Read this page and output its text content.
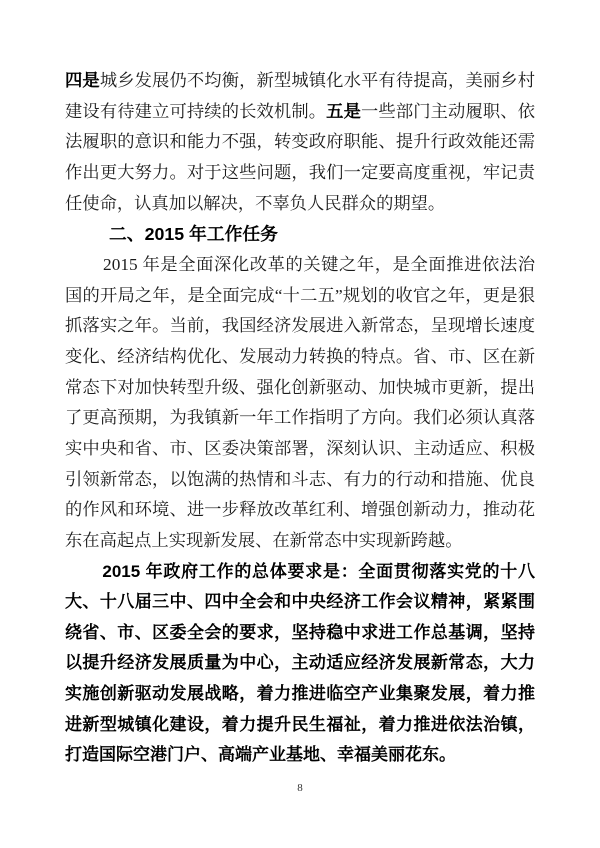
四是城乡发展仍不均衡，新型城镇化水平有待提高，美丽乡村建设有待建立可持续的长效机制。五是一些部门主动履职、依法履职的意识和能力不强，转变政府职能、提升行政效能还需作出更大努力。对于这些问题，我们一定要高度重视，牢记责任使命，认真加以解决，不辜负人民群众的期望。

二、2015 年工作任务

2015 年是全面深化改革的关键之年，是全面推进依法治国的开局之年，是全面完成“十二五”规划的收官之年，更是狠抓落实之年。当前，我国经济发展进入新常态，呈现增长速度变化、经济结构优化、发展动力转换的特点。省、市、区在新常态下对加快转型升级、强化创新驱动、加快城市更新，提出了更高预期，为我镇新一年工作指明了方向。我们必须认真落实中央和省、市、区委决策部署，深刻认识、主动适应、积极引领新常态，以饱满的热情和斗志、有力的行动和措施、优良的作风和环境、进一步释放改革红利、增强创新动力，推动花东在高起点上实现新发展、在新常态中实现新跨越。

2015 年政府工作的总体要求是：全面贯彻落实党的十八大、十八届三中、四中全会和中央经济工作会议精神，紧紧围绕省、市、区委全会的要求，坚持稳中求进工作总基调，坚持以提升经济发展质量为中心，主动适应经济发展新常态，大力实施创新驱动发展战略，着力推进临空产业集聚发展，着力推进新型城镇化建设，着力提升民生福祉，着力推进依法治镇，打造国际空港门户、高端产业基地、幸福美丽花东。

8
